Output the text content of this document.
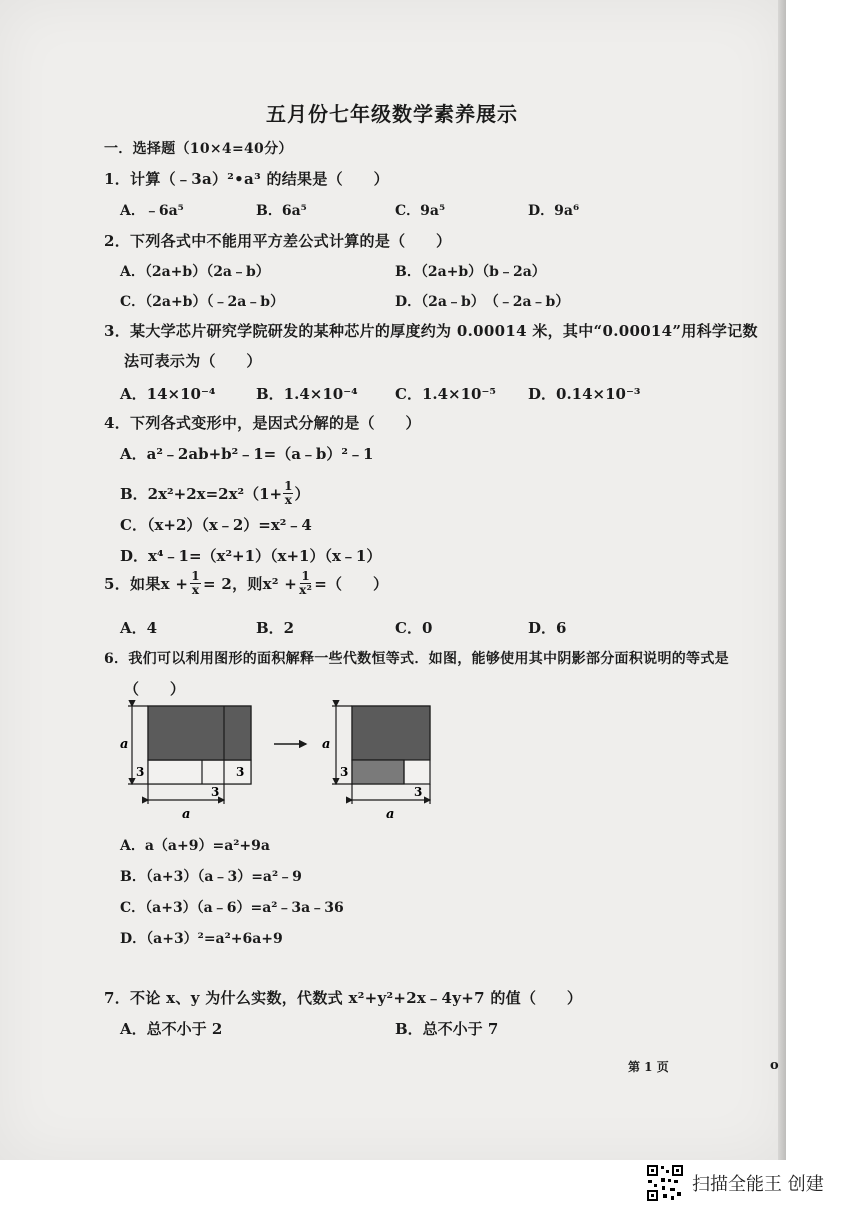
五月份七年级数学素养展示
一．选择题（10×4=40分）
1．计算（﹣3a）²•a³ 的结果是（　　）
A．﹣6a⁵	B．6a⁵	C．9a⁵	D．9a⁶
2．下列各式中不能用平方差公式计算的是（　　）
A．（2a+b）（2a﹣b）	B．（2a+b）（b﹣2a）
C．（2a+b）（﹣2a﹣b）	D．（2a﹣b）　（﹣2a﹣b）
3．某大学芯片研究学院研发的某种芯片的厚度约为 0.00014 米，其中“0.00014”用科学记数
法可表示为（　　）
A．14×10⁻⁴	B．1.4×10⁻⁴ C．1.4×10⁻⁵ D．0.14×10⁻³
4．下列各式变形中，是因式分解的是（　　）
A．a²﹣2ab+b²﹣1=（a﹣b）²﹣1
B．$2x^2+2x=2x^2(1+ \frac{1}{x}$ ）
C．（x+2）（x﹣2）=x²﹣4
D．x⁴﹣1=（x²+1）（x+1）（x﹣1）
5．如果$x + \frac{1}{x} = 2$，则$x^2 + \frac{1}{\text{x²}}$ =（　　）
A．4	B．2	C．0	D．6
6．我们可以利用图形的面积解释一些代数恒等式．如图，能够使用其中阴影部分面积说明的等式是
（　　）
a
3	3
3
a
a
3
3
a
A．a（a+9）=a²+9a
B．（a+3）（a﹣3）=a²﹣9
C．（a+3）（a﹣6）=a²﹣3a﹣36
D．（a+3）²=a²+6a+9
7．不论 x、y 为什么实数，代数式 x²+y²+2x﹣4y+7 的值（　　）
A．总不小于 2	B．总不小于 7
第 1 页	o
扫描全能王 创建
